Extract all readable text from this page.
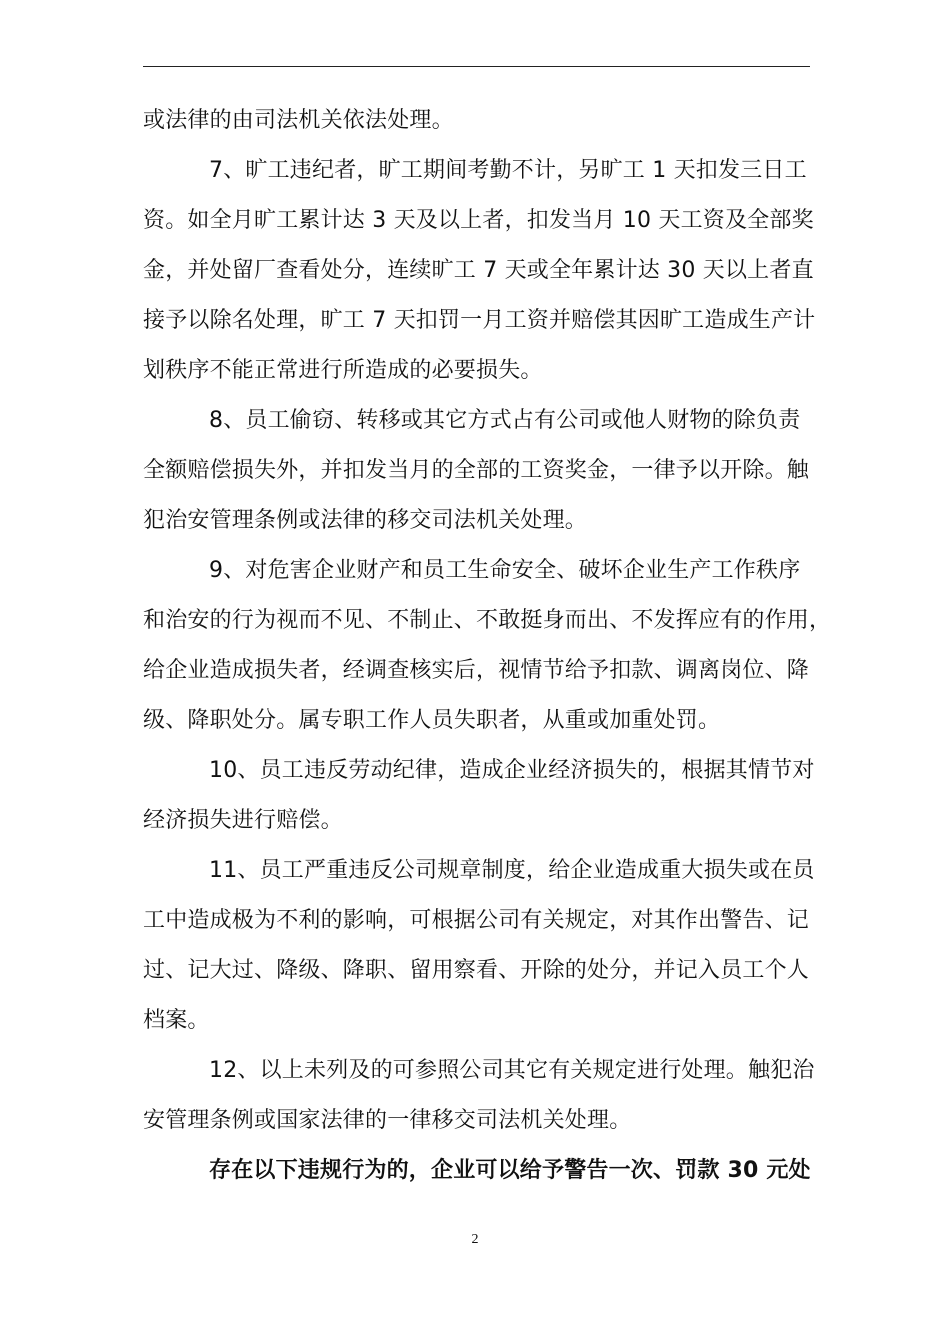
或法律的由司法机关依法处理。
7、旷工违纪者，旷工期间考勤不计，另旷工 1 天扣发三日工
资。如全月旷工累计达 3 天及以上者，扣发当月 10 天工资及全部奖
金，并处留厂查看处分，连续旷工 7 天或全年累计达 30 天以上者直
接予以除名处理，旷工 7 天扣罚一月工资并赔偿其因旷工造成生产计
划秩序不能正常进行所造成的必要损失。
8、员工偷窃、转移或其它方式占有公司或他人财物的除负责
全额赔偿损失外，并扣发当月的全部的工资奖金，一律予以开除。触
犯治安管理条例或法律的移交司法机关处理。
9、对危害企业财产和员工生命安全、破坏企业生产工作秩序
和治安的行为视而不见、不制止、不敢挺身而出、不发挥应有的作用，
给企业造成损失者，经调查核实后，视情节给予扣款、调离岗位、降
级、降职处分。属专职工作人员失职者，从重或加重处罚。
10、员工违反劳动纪律，造成企业经济损失的，根据其情节对
经济损失进行赔偿。
11、员工严重违反公司规章制度，给企业造成重大损失或在员
工中造成极为不利的影响，可根据公司有关规定，对其作出警告、记
过、记大过、降级、降职、留用察看、开除的处分，并记入员工个人
档案。
12、以上未列及的可参照公司其它有关规定进行处理。触犯治
安管理条例或国家法律的一律移交司法机关处理。
存在以下违规行为的，企业可以给予警告一次、罚款 30 元处
2
